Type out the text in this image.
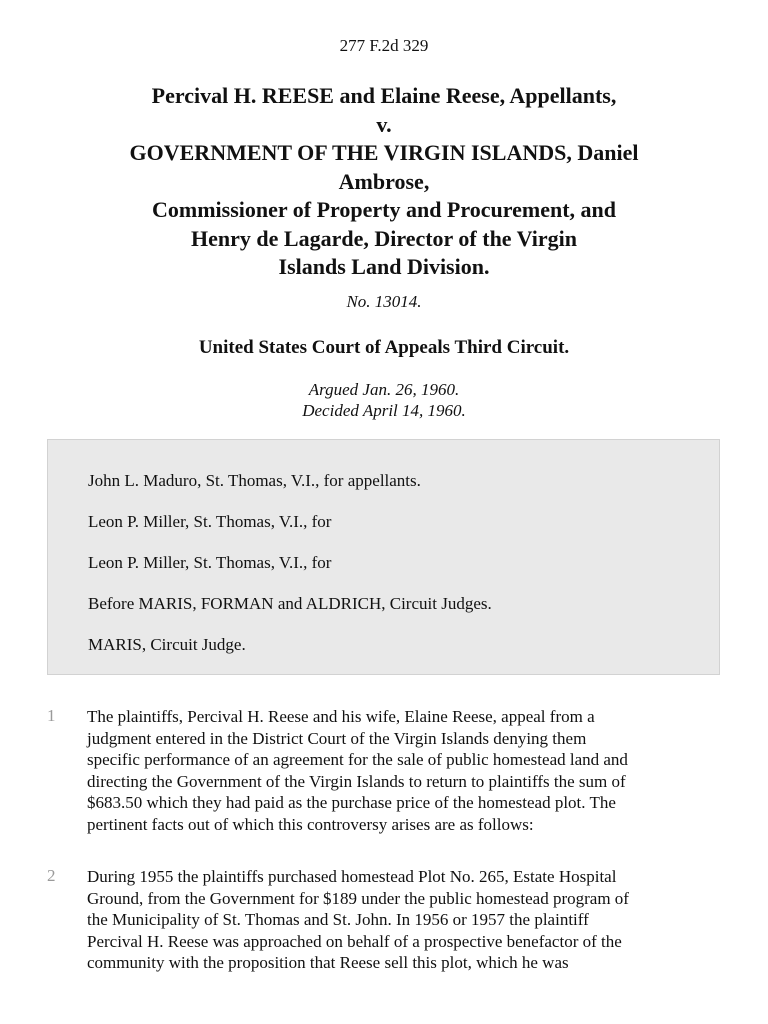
277 F.2d 329
Percival H. REESE and Elaine Reese, Appellants,
v.
GOVERNMENT OF THE VIRGIN ISLANDS, Daniel
Ambrose,
Commissioner of Property and Procurement, and
Henry de Lagarde, Director of the Virgin
Islands Land Division.
No. 13014.
United States Court of Appeals Third Circuit.
Argued Jan. 26, 1960.
Decided April 14, 1960.
John L. Maduro, St. Thomas, V.I., for appellants.
Leon P. Miller, St. Thomas, V.I., for
Leon P. Miller, St. Thomas, V.I., for
Before MARIS, FORMAN and ALDRICH, Circuit Judges.
MARIS, Circuit Judge.
1 The plaintiffs, Percival H. Reese and his wife, Elaine Reese, appeal from a
judgment entered in the District Court of the Virgin Islands denying them
specific performance of an agreement for the sale of public homestead land and
directing the Government of the Virgin Islands to return to plaintiffs the sum of
$683.50 which they had paid as the purchase price of the homestead plot. The
pertinent facts out of which this controversy arises are as follows:
2 During 1955 the plaintiffs purchased homestead Plot No. 265, Estate Hospital
Ground, from the Government for $189 under the public homestead program of
the Municipality of St. Thomas and St. John. In 1956 or 1957 the plaintiff
Percival H. Reese was approached on behalf of a prospective benefactor of the
community with the proposition that Reese sell this plot, which he was
